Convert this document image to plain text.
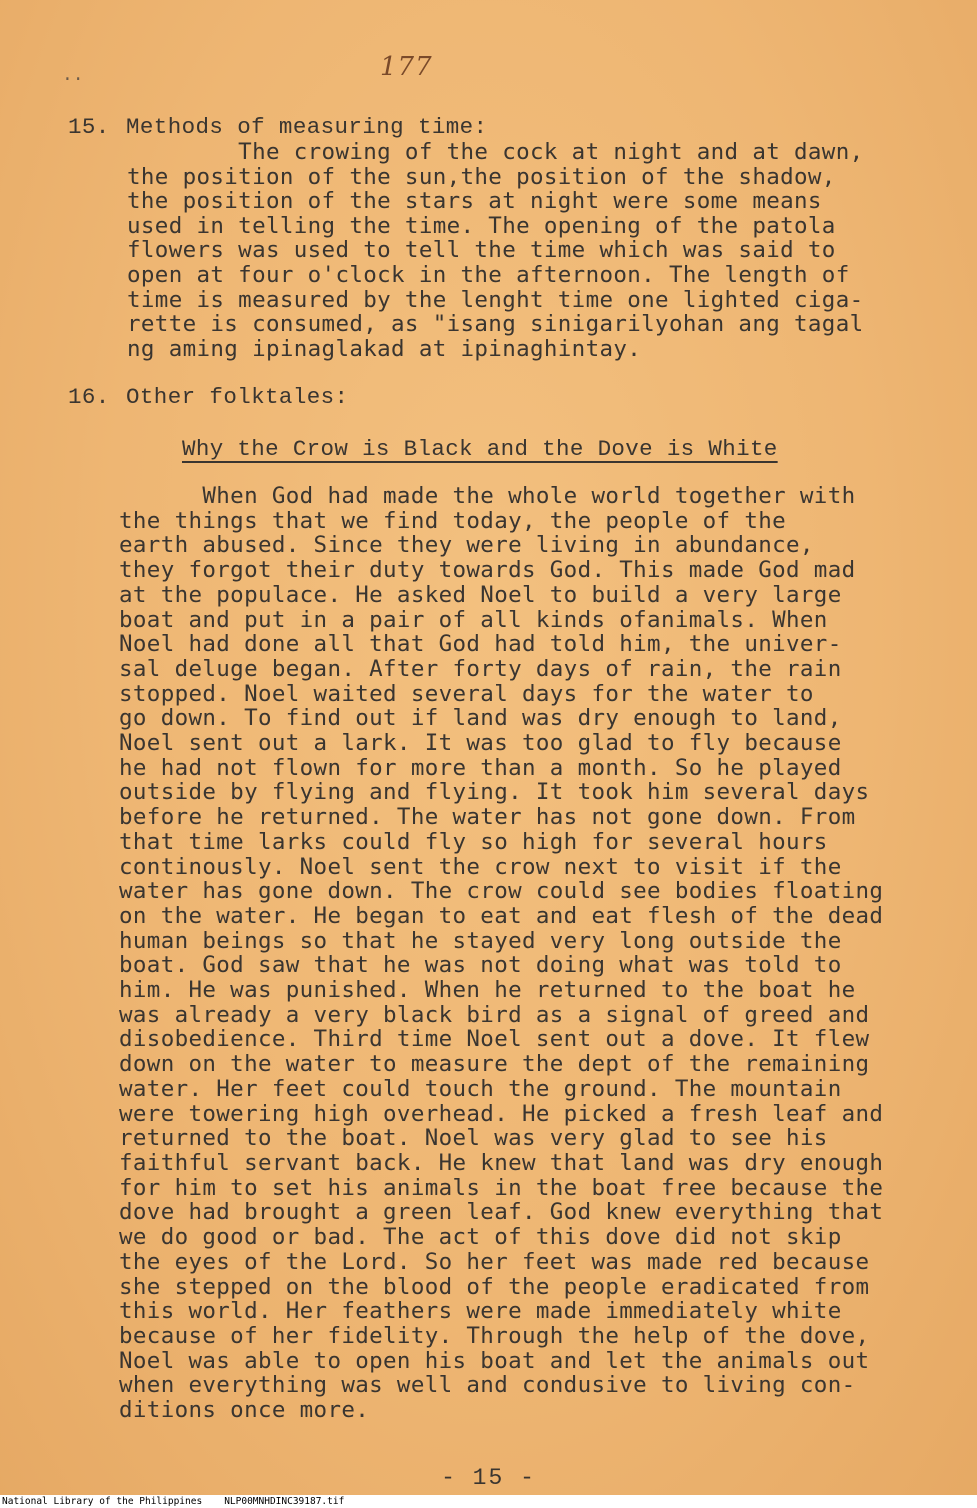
177
..
15. Methods of measuring time:
The crowing of the cock at night and at dawn,
the position of the sun,the position of the shadow,
the position of the stars at night were some means
used in telling the time. The opening of the patola
flowers was used to tell the time which was said to
open at four o'clock in the afternoon. The length of
time is measured by the lenght time one lighted ciga-
rette is consumed, as "isang sinigarilyohan ang tagal
ng aming ipinaglakad at ipinaghintay.
16. Other folktales:
Why the Crow is Black and the Dove is White
When God had made the whole world together with
the things that we find today, the people of the
earth abused. Since they were living in abundance,
they forgot their duty towards God. This made God mad
at the populace. He asked Noel to build a very large
boat and put in a pair of all kinds ofanimals. When
Noel had done all that God had told him, the univer-
sal deluge began. After forty days of rain, the rain
stopped. Noel waited several days for the water to
go down. To find out if land was dry enough to land,
Noel sent out a lark. It was too glad to fly because
he had not flown for more than a month. So he played
outside by flying and flying. It took him several days
before he returned. The water has not gone down. From
that time larks could fly so high for several hours
continously. Noel sent the crow next to visit if the
water has gone down. The crow could see bodies floating
on the water. He began to eat and eat flesh of the dead
human beings so that he stayed very long outside the
boat. God saw that he was not doing what was told to
him. He was punished. When he returned to the boat he
was already a very black bird as a signal of greed and
disobedience. Third time Noel sent out a dove. It flew
down on the water to measure the dept of the remaining
water. Her feet could touch the ground. The mountain
were towering high overhead. He picked a fresh leaf and
returned to the boat. Noel was very glad to see his
faithful servant back. He knew that land was dry enough
for him to set his animals in the boat free because the
dove had brought a green leaf. God knew everything that
we do good or bad. The act of this dove did not skip
the eyes of the Lord. So her feet was made red because
she stepped on the blood of the people eradicated from
this world. Her feathers were made immediately white
because of her fidelity. Through the help of the dove,
Noel was able to open his boat and let the animals out
when everything was well and condusive to living con-
ditions once more.
- 15 -
National Library of the Philippines NLP00MNHDINC39187.tif
